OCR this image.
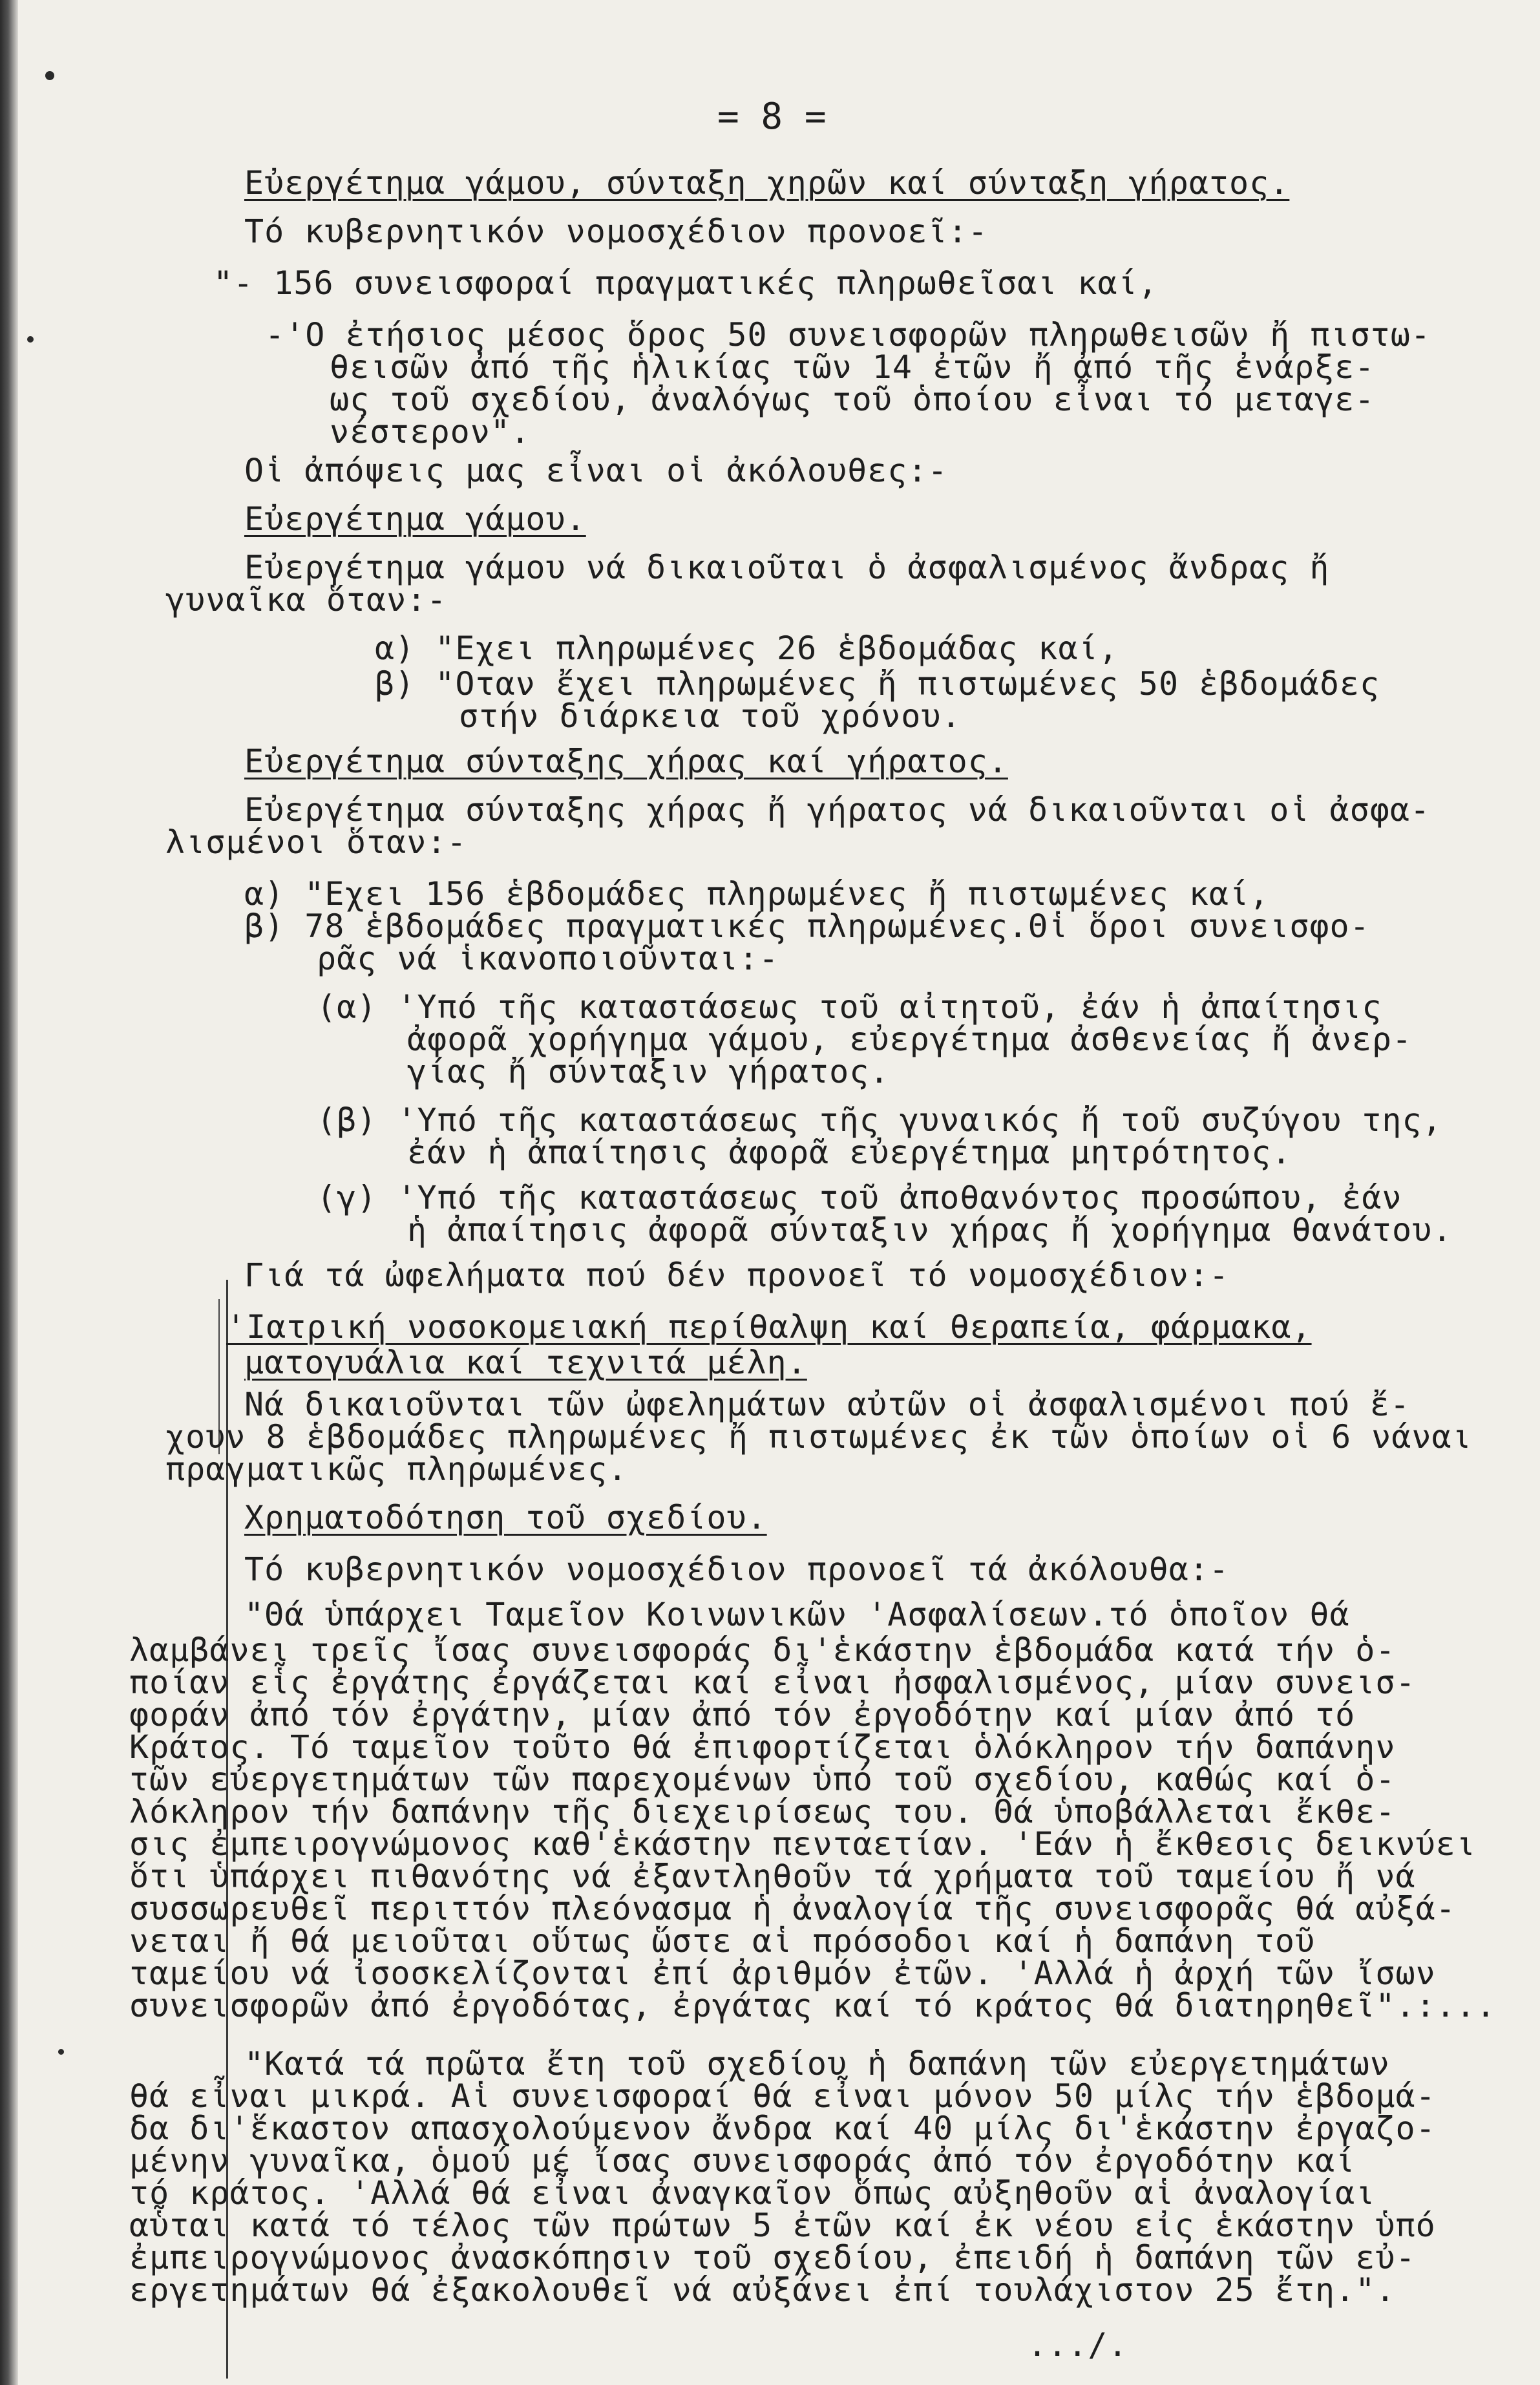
= 8 =
Εὐεργέτημα γάμου, σύνταξη χηρῶν καί σύνταξη γήρατος.
Τό κυβερνητικόν νομοσχέδιον προνοεῖ:-
"- 156 συνεισφοραί πραγματικές πληρωθεῖσαι καί,
-'Ο ἐτήσιος μέσος ὅρος 50 συνεισφορῶν πληρωθεισῶν ἤ πιστω-
θεισῶν ἀπό τῆς ἡλικίας τῶν 14 ἐτῶν ἤ ἀπό τῆς ἐνάρξε-
ως τοῦ σχεδίου, ἀναλόγως τοῦ ὁποίου εἶναι τό μεταγε-
νέστερον".
Οἱ ἀπόψεις μας εἶναι οἱ ἀκόλουθες:-
Εὐεργέτημα γάμου.
Εὐεργέτημα γάμου νά δικαιοῦται ὁ ἀσφαλισμένος ἄνδρας ἤ
γυναῖκα ὅταν:-
α) "Εχει πληρωμένες 26 ἑβδομάδας καί,
β) "Οταν ἔχει πληρωμένες ἤ πιστωμένες 50 ἑβδομάδες
στήν διάρκεια τοῦ χρόνου.
Εὐεργέτημα σύνταξης χήρας καί γήρατος.
Εὐεργέτημα σύνταξης χήρας ἤ γήρατος νά δικαιοῦνται οἱ ἀσφα-
λισμένοι ὅταν:-
α) "Εχει 156 ἑβδομάδες πληρωμένες ἤ πιστωμένες καί,
β) 78 ἑβδομάδες πραγματικές πληρωμένες.Θἱ ὅροι συνεισφο-
ρᾶς νά ἱκανοποιοῦνται:-
(α) 'Υπό τῆς καταστάσεως τοῦ αἰτητοῦ, ἐάν ἡ ἀπαίτησις
ἀφορᾶ χορήγημα γάμου, εὐεργέτημα ἀσθενείας ἤ ἀνερ-
γίας ἤ σύνταξιν γήρατος.
(β) 'Υπό τῆς καταστάσεως τῆς γυναικός ἤ τοῦ συζύγου της,
ἐάν ἡ ἀπαίτησις ἀφορᾶ εὐεργέτημα μητρότητος.
(γ) 'Υπό τῆς καταστάσεως τοῦ ἀποθανόντος προσώπου, ἐάν
ἡ ἀπαίτησις ἀφορᾶ σύνταξιν χήρας ἤ χορήγημα θανάτου.
Γιά τά ὠφελήματα πού δέν προνοεῖ τό νομοσχέδιον:-
'Ιατρική νοσοκομειακή περίθαλψη καί θεραπεία, φάρμακα,
ματογυάλια καί τεχνιτά μέλη.
Νά δικαιοῦνται τῶν ὠφελημάτων αὐτῶν οἱ ἀσφαλισμένοι πού ἔ-
χουν 8 ἑβδομάδες πληρωμένες ἤ πιστωμένες ἐκ τῶν ὁποίων οἱ 6 νάναι
πραγματικῶς πληρωμένες.
Χρηματοδότηση τοῦ σχεδίου.
Τό κυβερνητικόν νομοσχέδιον προνοεῖ τά ἀκόλουθα:-
"Θά ὑπάρχει Ταμεῖον Κοινωνικῶν 'Ασφαλίσεων.τό ὁποῖον θά
λαμβάνει τρεῖς ἴσας συνεισφοράς δι'ἑκάστην ἑβδομάδα κατά τήν ὁ-
ποίαν εἷς ἐργάτης ἐργάζεται καί εἶναι ἠσφαλισμένος, μίαν συνεισ-
φοράν ἀπό τόν ἐργάτην, μίαν ἀπό τόν ἐργοδότην καί μίαν ἀπό τό
Κράτος. Τό ταμεῖον τοῦτο θά ἐπιφορτίζεται ὁλόκληρον τήν δαπάνην
τῶν εὐεργετημάτων τῶν παρεχομένων ὑπό τοῦ σχεδίου, καθώς καί ὁ-
λόκληρον τήν δαπάνην τῆς διεχειρίσεως του. Θά ὑποβάλλεται ἔκθε-
σις ἐμπειρογνώμονος καθ'ἑκάστην πενταετίαν. 'Εάν ἡ ἔκθεσις δεικνύει
ὅτι ὑπάρχει πιθανότης νά ἐξαντληθοῦν τά χρήματα τοῦ ταμείου ἤ νά
συσσωρευθεῖ περιττόν πλεόνασμα ἡ ἀναλογία τῆς συνεισφορᾶς θά αὐξά-
νεται ἤ θά μειοῦται οὕτως ὥστε αἱ πρόσοδοι καί ἡ δαπάνη τοῦ
ταμείου νά ἰσοσκελίζονται ἐπί ἀριθμόν ἐτῶν. 'Αλλά ἡ ἀρχή τῶν ἴσων
συνεισφορῶν ἀπό ἐργοδότας, ἐργάτας καί τό κράτος θά διατηρηθεῖ".:...
"Κατά τά πρῶτα ἔτη τοῦ σχεδίου ἡ δαπάνη τῶν εὐεργετημάτων
θά εἶναι μικρά. Αἱ συνεισφοραί θά εἶναι μόνον 50 μίλς τήν ἑβδομά-
δα δι'ἕκαστον απασχολούμενον ἄνδρα καί 40 μίλς δι'ἑκάστην ἐργαζο-
μένην γυναῖκα, ὁμού μέ ἴσας συνεισφοράς ἀπό τόν ἐργοδότην καί
τό κράτος. 'Αλλά θά εἶναι ἀναγκαῖον ὅπως αὐξηθοῦν αἱ ἀναλογίαι
αὗται κατά τό τέλος τῶν πρώτων 5 ἐτῶν καί ἐκ νέου εἰς ἑκάστην ὑπό
ἐμπειρογνώμονος ἀνασκόπησιν τοῦ σχεδίου, ἐπειδή ἡ δαπάνη τῶν εὐ-
εργετημάτων θά ἐξακολουθεῖ νά αὐξάνει ἐπί τουλάχιστον 25 ἔτη.".
.../.
